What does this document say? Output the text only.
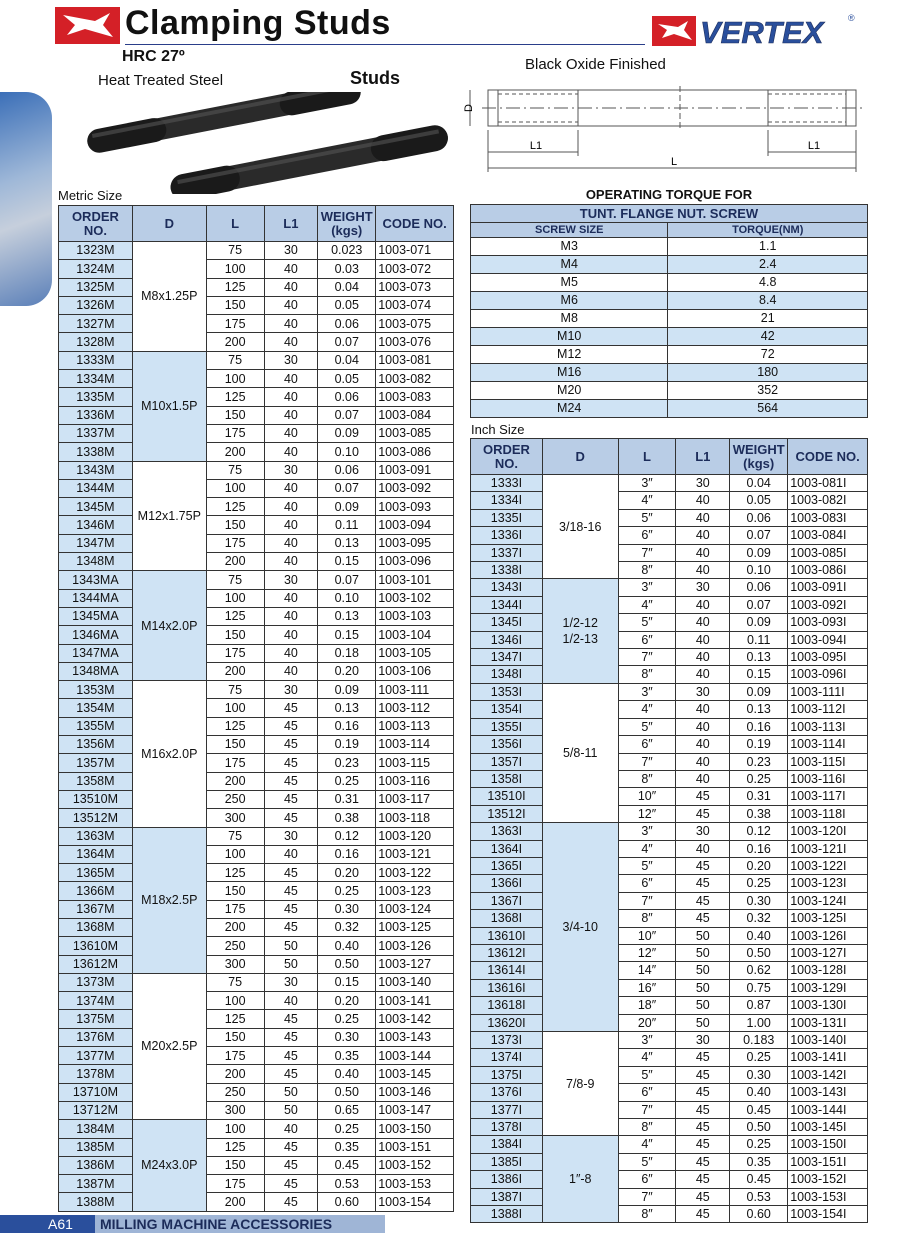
Clamping Studs	VERTEX	®
HRC 27º
Heat Treated Steel	Studs
Black Oxide Finished
D
L1	L1
L
Metric Size
ORDER NO.	D	L	L1	WEIGHT (kgs)	CODE NO.
1323M	M8x1.25P	75	30	0.023	1003-071
1324M		100	40	0.03	1003-072
1325M		125	40	0.04	1003-073
1326M		150	40	0.05	1003-074
1327M		175	40	0.06	1003-075
1328M		200	40	0.07	1003-076
1333M	M10x1.5P	75	30	0.04	1003-081
1334M		100	40	0.05	1003-082
1335M		125	40	0.06	1003-083
1336M		150	40	0.07	1003-084
1337M		175	40	0.09	1003-085
1338M		200	40	0.10	1003-086
1343M	M12x1.75P	75	30	0.06	1003-091
1344M		100	40	0.07	1003-092
1345M		125	40	0.09	1003-093
1346M		150	40	0.11	1003-094
1347M		175	40	0.13	1003-095
1348M		200	40	0.15	1003-096
1343MA	M14x2.0P	75	30	0.07	1003-101
1344MA		100	40	0.10	1003-102
1345MA		125	40	0.13	1003-103
1346MA		150	40	0.15	1003-104
1347MA		175	40	0.18	1003-105
1348MA		200	40	0.20	1003-106
1353M	M16x2.0P	75	30	0.09	1003-111
1354M		100	45	0.13	1003-112
1355M		125	45	0.16	1003-113
1356M		150	45	0.19	1003-114
1357M		175	45	0.23	1003-115
1358M		200	45	0.25	1003-116
13510M		250	45	0.31	1003-117
13512M		300	45	0.38	1003-118
1363M	M18x2.5P	75	30	0.12	1003-120
1364M		100	40	0.16	1003-121
1365M		125	45	0.20	1003-122
1366M		150	45	0.25	1003-123
1367M		175	45	0.30	1003-124
1368M		200	45	0.32	1003-125
13610M		250	50	0.40	1003-126
13612M		300	50	0.50	1003-127
1373M	M20x2.5P	75	30	0.15	1003-140
1374M		100	40	0.20	1003-141
1375M		125	45	0.25	1003-142
1376M		150	45	0.30	1003-143
1377M		175	45	0.35	1003-144
1378M		200	45	0.40	1003-145
13710M		250	50	0.50	1003-146
13712M		300	50	0.65	1003-147
1384M	M24x3.0P	100	40	0.25	1003-150
1385M		125	45	0.35	1003-151
1386M		150	45	0.45	1003-152
1387M		175	45	0.53	1003-153
1388M		200	45	0.60	1003-154
OPERATING TORQUE FOR
TUNT. FLANGE NUT. SCREW	
SCREW SIZE	TORQUE(NM)
M3	1.1
M4	2.4
M5	4.8
M6	8.4
M8	21
M10	42
M12	72
M16	180
M20	352
M24	564
Inch Size
ORDER NO.	D	L	L1	WEIGHT (kgs)	CODE NO.
1333I	3/18-16	3″	30	0.04	1003-081I
1334I		4″	40	0.05	1003-082I
1335I		5″	40	0.06	1003-083I
1336I		6″	40	0.07	1003-084I
1337I		7″	40	0.09	1003-085I
1338I		8″	40	0.10	1003-086I
1343I	1/2-12
1/2-13	3″	30	0.06	1003-091I
1344I		4″	40	0.07	1003-092I
1345I		5″	40	0.09	1003-093I
1346I		6″	40	0.11	1003-094I
1347I		7″	40	0.13	1003-095I
1348I		8″	40	0.15	1003-096I
1353I	5/8-11	3″	30	0.09	1003-111I
1354I		4″	40	0.13	1003-112I
1355I		5″	40	0.16	1003-113I
1356I		6″	40	0.19	1003-114I
1357I		7″	40	0.23	1003-115I
1358I		8″	40	0.25	1003-116I
13510I		10″	45	0.31	1003-117I
13512I		12″	45	0.38	1003-118I
1363I	3/4-10	3″	30	0.12	1003-120I
1364I		4″	40	0.16	1003-121I
1365I		5″	45	0.20	1003-122I
1366I		6″	45	0.25	1003-123I
1367I		7″	45	0.30	1003-124I
1368I		8″	45	0.32	1003-125I
13610I		10″	50	0.40	1003-126I
13612I		12″	50	0.50	1003-127I
13614I		14″	50	0.62	1003-128I
13616I		16″	50	0.75	1003-129I
13618I		18″	50	0.87	1003-130I
13620I		20″	50	1.00	1003-131I
1373I	7/8-9	3″	30	0.183	1003-140I
1374I		4″	45	0.25	1003-141I
1375I		5″	45	0.30	1003-142I
1376I		6″	45	0.40	1003-143I
1377I		7″	45	0.45	1003-144I
1378I		8″	45	0.50	1003-145I
1384I	1″-8	4″	45	0.25	1003-150I
1385I		5″	45	0.35	1003-151I
1386I		6″	45	0.45	1003-152I
1387I		7″	45	0.53	1003-153I
1388I		8″	45	0.60	1003-154I
A61	MILLING MACHINE ACCESSORIES
